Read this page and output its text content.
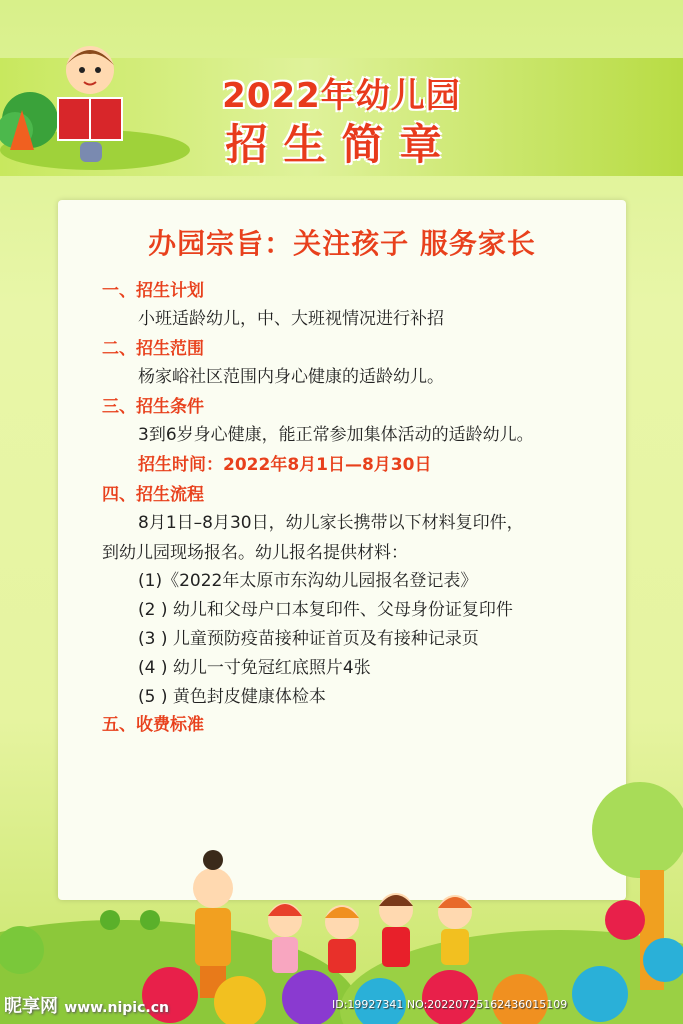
2022年幼儿园
招生简章
办园宗旨：关注孩子 服务家长
一、招生计划
小班适龄幼儿，中、大班视情况进行补招
二、招生范围
杨家峪社区范围内身心健康的适龄幼儿。
三、招生条件
3到6岁身心健康，能正常参加集体活动的适龄幼儿。
招生时间：2022年8月1日—8月30日
四、招生流程
8月1日–8月30日，幼儿家长携带以下材料复印件，
到幼儿园现场报名。幼儿报名提供材料：
(1)《2022年太原市东沟幼儿园报名登记表》
(2 ) 幼儿和父母户口本复印件、父母身份证复印件
(3 ) 儿童预防疫苗接种证首页及有接种记录页
(4 ) 幼儿一寸免冠红底照片4张
(5 ) 黄色封皮健康体检本
五、收费标准
昵享网 www.nipic.cn	ID:19927341 NO:20220725162436015109
